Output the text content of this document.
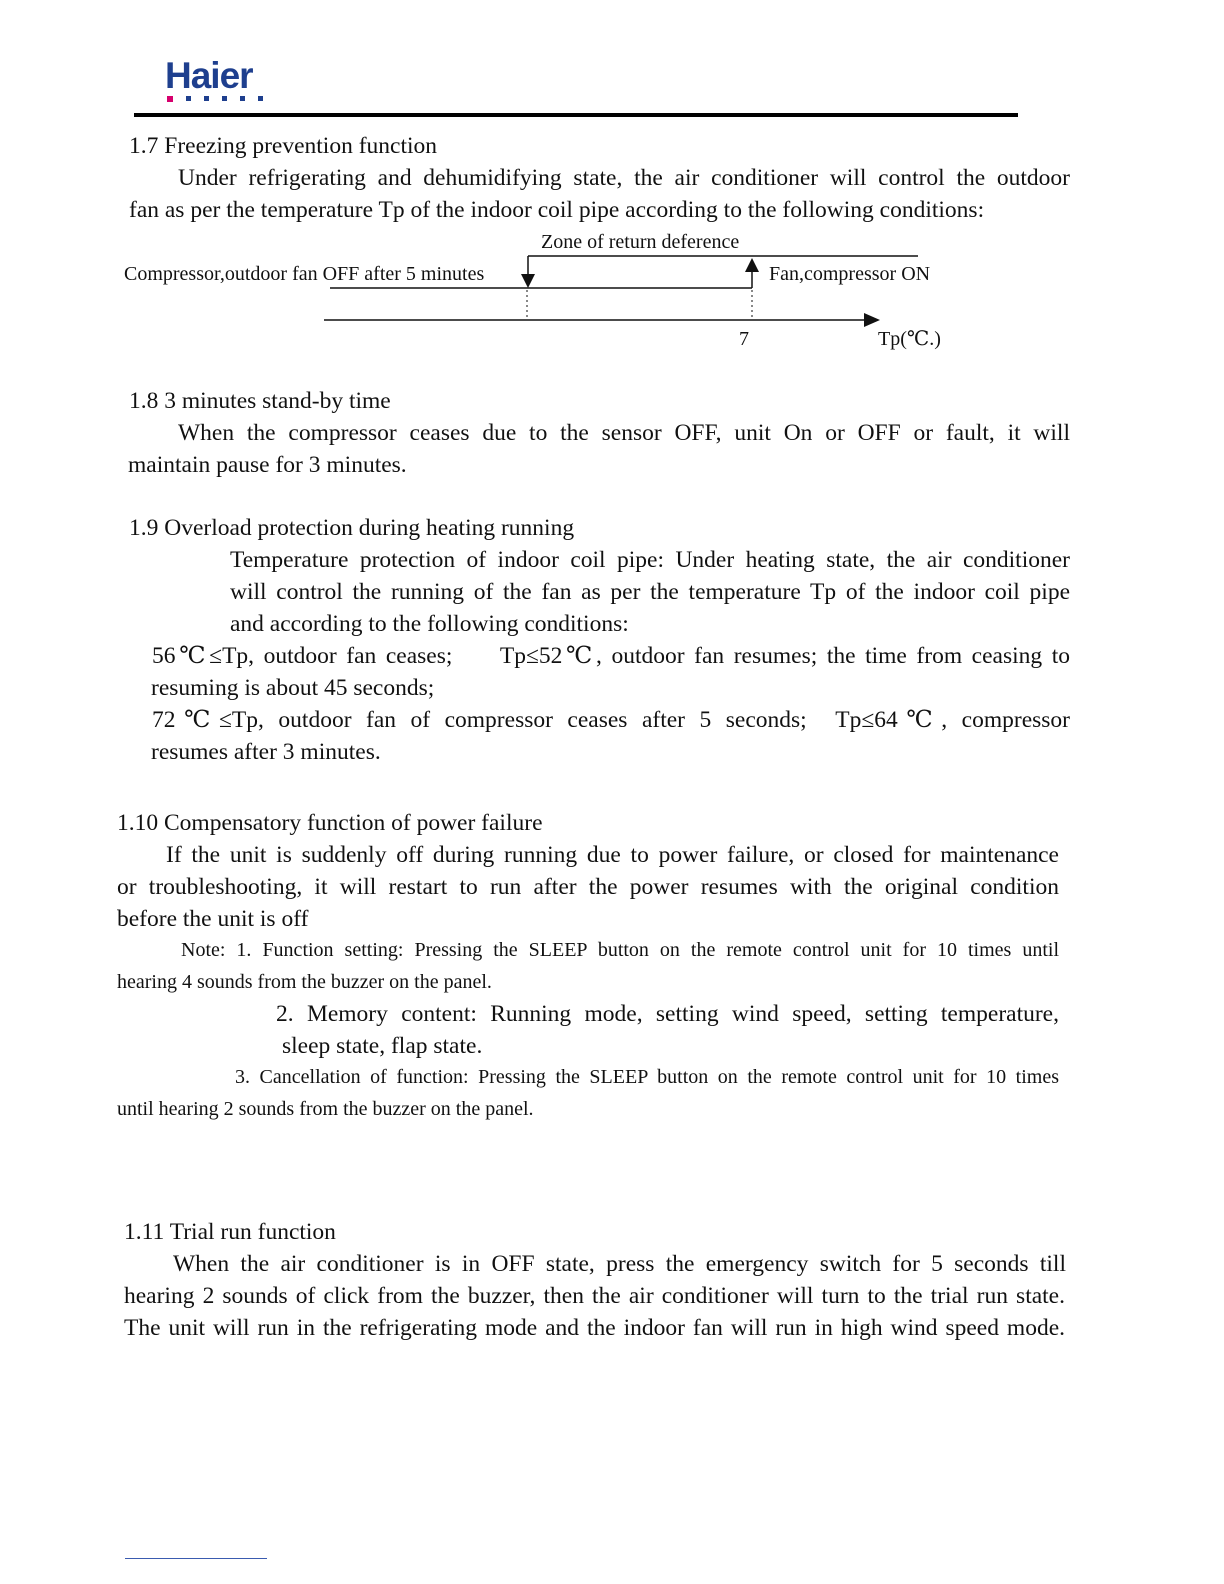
Haier
1.7 Freezing prevention function
Under refrigerating and dehumidifying state, the air conditioner will control the outdoor
fan as per the temperature Tp of the indoor coil pipe according to the following conditions:
Zone of return deference
Compressor,outdoor fan OFF after 5 minutes	Fan,compressor ON
7	Tp(℃.)
1.8 3 minutes stand-by time
When the compressor ceases due to the sensor OFF, unit On or OFF or fault, it will
maintain pause for 3 minutes.
1.9 Overload protection during heating running
Temperature protection of indoor coil pipe: Under heating state, the air conditioner
will control the running of the fan as per the temperature Tp of the indoor coil pipe
and according to the following conditions:
56℃≤Tp, outdoor fan ceases;     Tp≤52℃, outdoor fan resumes; the time from ceasing to
resuming is about 45 seconds;
72℃≤Tp, outdoor fan of compressor ceases after 5 seconds;  Tp≤64℃, compressor
resumes after 3 minutes.
1.10 Compensatory function of power failure
If the unit is suddenly off during running due to power failure, or closed for maintenance
or troubleshooting, it will restart to run after the power resumes with the original condition
before the unit is off
Note: 1. Function setting: Pressing the SLEEP button on the remote control unit for 10 times until
hearing 4 sounds from the buzzer on the panel.
2. Memory content: Running mode, setting wind speed, setting temperature,
sleep state, flap state.
3. Cancellation of function: Pressing the SLEEP button on the remote control unit for 10 times
until hearing 2 sounds from the buzzer on the panel.
1.11 Trial run function
When the air conditioner is in OFF state, press the emergency switch for 5 seconds till
hearing 2 sounds of click from the buzzer, then the air conditioner will turn to the trial run state.
The unit will run in the refrigerating mode and the indoor fan will run in high wind speed mode.
